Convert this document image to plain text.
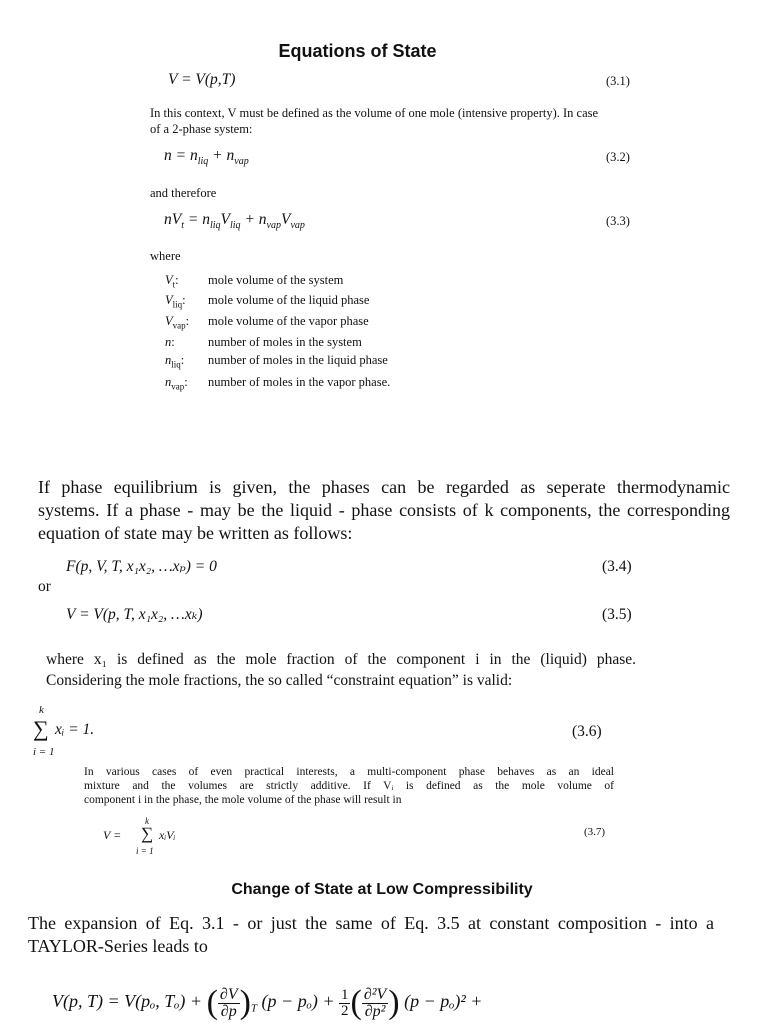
Equations of State
V = V(p,T)	(3.1)
In this context, V must be defined as the volume of one mole (intensive property). In case
of a 2-phase system:
$n = n_{liq} + n_{vap}$	(3.2)
and therefore
$nV_t = n_{liq}V_{liq} + n_{vap}V_{vap}$	(3.3)
where
$V_t$: mole volume of the system
$V_{liq}$: mole volume of the liquid phase
$V_{vap}$: mole volume of the vapor phase
n:	number of moles in the system
$n_{liq}$: number of moles in the liquid phase
$n_{vap}$: number of moles in the vapor phase.
If phase equilibrium is given, the phases can be regarded as seperate thermodynamic
systems. If a phase - may be the liquid - phase consists of k components, the corresponding
equation of state may be written as follows:
F(p, V, T, x₁x₂, …xₚ) = 0	(3.4)
or
V = V(p, T, x₁x₂, …xₖ)	(3.5)
where x₁ is defined as the mole fraction of the component i in the (liquid) phase.
Considering the mole fractions, the so called “constraint equation” is valid:
k
∑ xᵢ = 1.
i = 1
(3.6)
In various cases of even practical interests, a multi-component phase behaves as an ideal
mixture and the volumes are strictly additive. If Vᵢ is defined as the mole volume of
component i in the phase, the mole volume of the phase will result in
V =
k
∑ xᵢVᵢ
i = 1
(3.7)
Change of State at Low Compressibility
The expansion of Eq. 3.1 - or just the same of Eq. 3.5 at constant composition - into a
TAYLOR-Series leads to
V(p, T) = V(pₒ, Tₒ) + ( $\frac{\partial V}{\partial p} )_T$ $(p - p_o) + \frac{1}{2}$ ( $\frac{\text{∂²V}}{\text{∂p²}}$ ) (p − pₒ)² +
